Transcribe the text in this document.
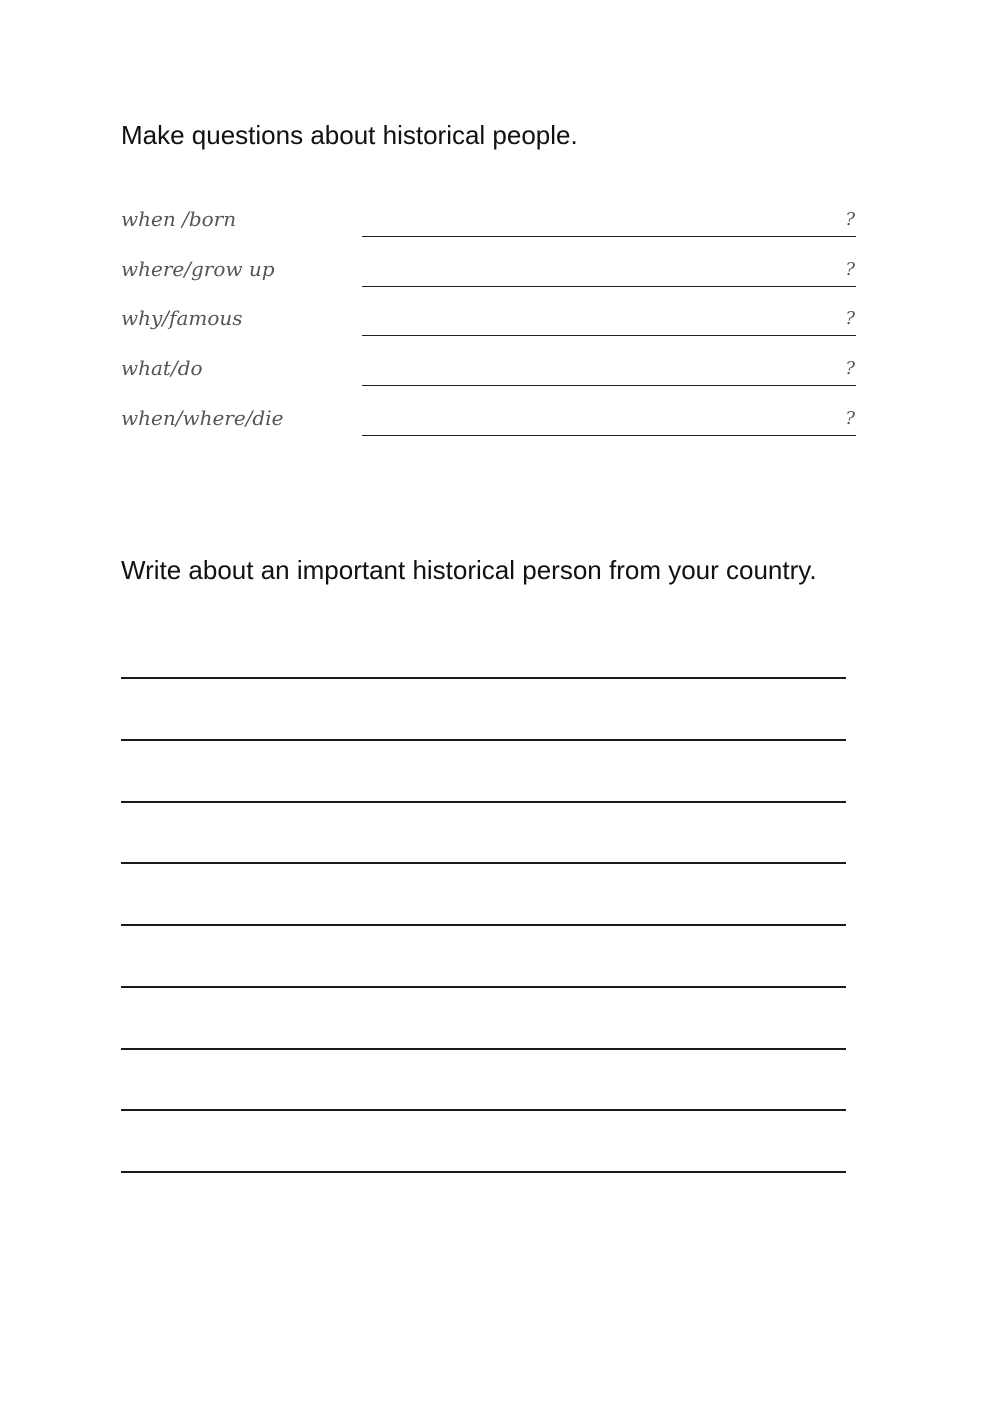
Make questions about historical people.
when /born	?
where/grow up	?
why/famous	?
what/do	?
when/where/die	?
Write about an important historical person from your country.
